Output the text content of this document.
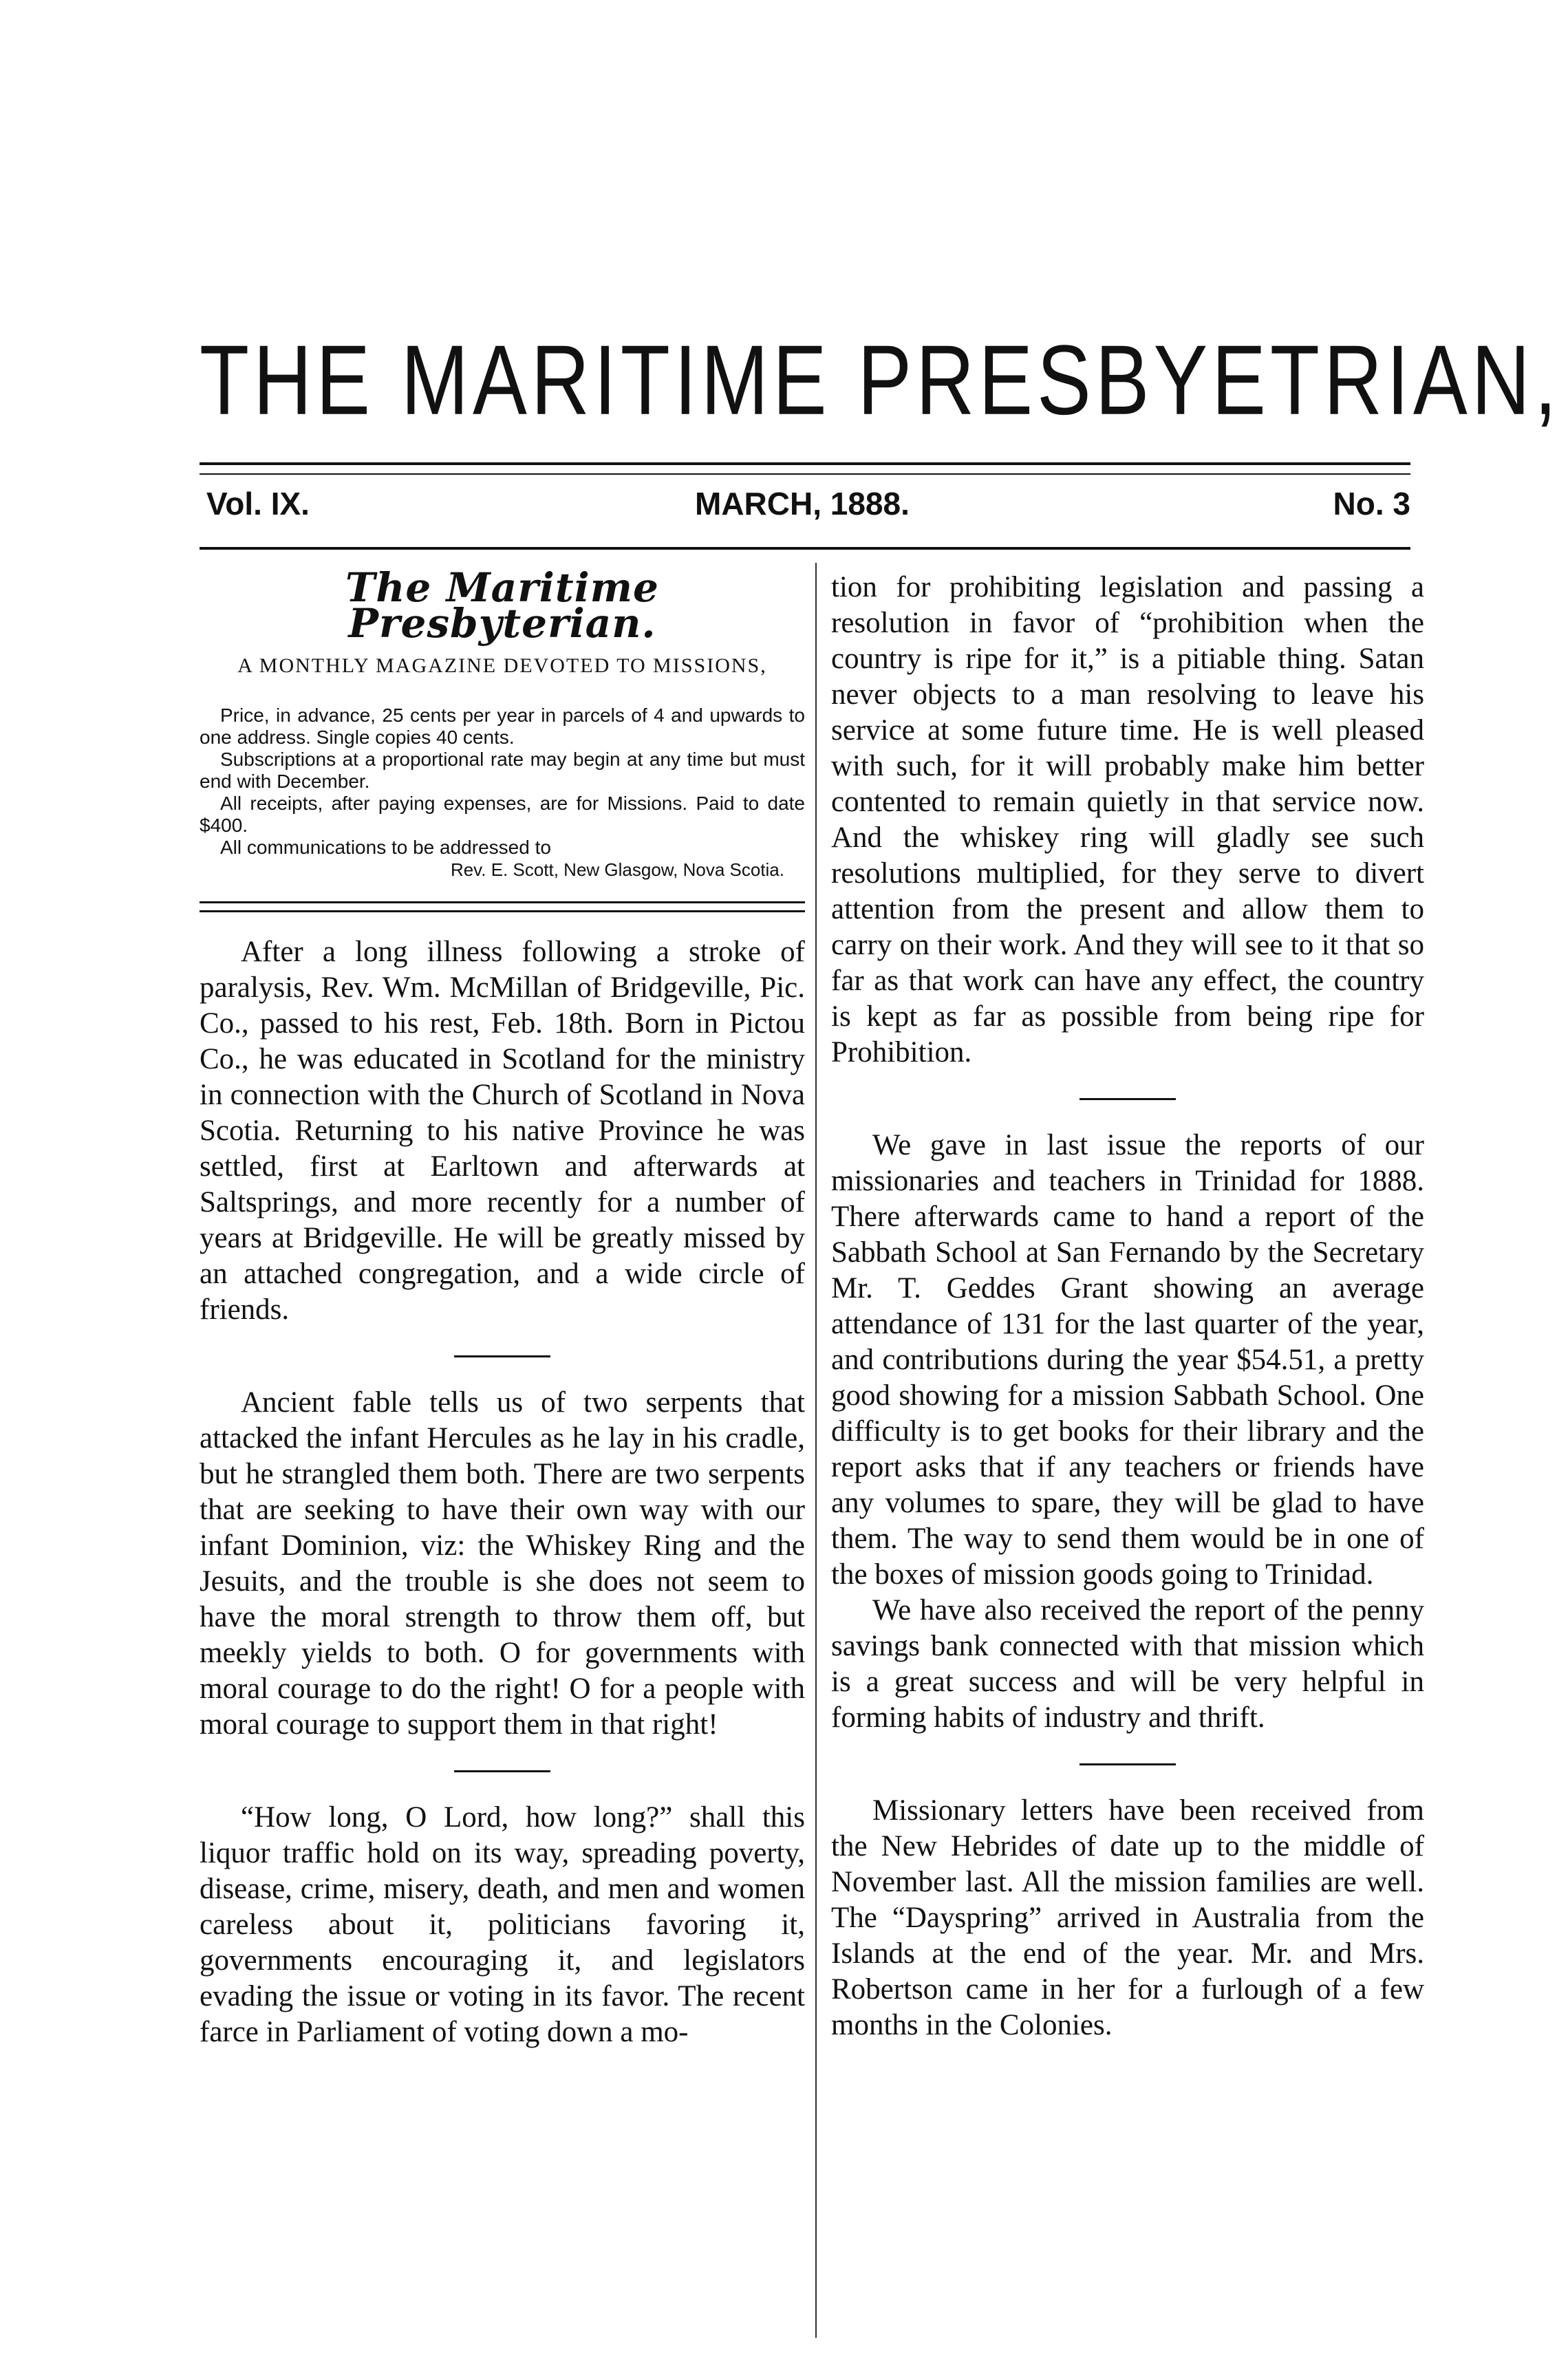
THE MARITIME PRESBYETRIAN,
Vol. IX.	MARCH, 1888.	No. 3
The Maritime Presbyterian.
A MONTHLY MAGAZINE DEVOTED TO MISSIONS,

Price, in advance, 25 cents per year in parcels of 4 and upwards to one address. Single copies 40 cents.

Subscriptions at a proportional rate may begin at any time but must end with December.

All receipts, after paying expenses, are for Missions. Paid to date $400.

All communications to be addressed to

Rev. E. Scott, New Glasgow, Nova Scotia.

After a long illness following a stroke of paralysis, Rev. Wm. McMillan of Bridgeville, Pic. Co., passed to his rest, Feb. 18th. Born in Pictou Co., he was educated in Scotland for the ministry in connection with the Church of Scotland in Nova Scotia. Returning to his native Province he was settled, first at Earltown and afterwards at Saltsprings, and more recently for a number of years at Bridgeville. He will be greatly missed by an attached congregation, and a wide circle of friends.

Ancient fable tells us of two serpents that attacked the infant Hercules as he lay in his cradle, but he strangled them both. There are two serpents that are seeking to have their own way with our infant Dominion, viz: the Whiskey Ring and the Jesuits, and the trouble is she does not seem to have the moral strength to throw them off, but meekly yields to both. O for governments with moral courage to do the right! O for a people with moral courage to support them in that right!

“How long, O Lord, how long?” shall this liquor traffic hold on its way, spreading poverty, disease, crime, misery, death, and men and women careless about it, politicians favoring it, governments encouraging it, and legislators evading the issue or voting in its favor. The recent farce in Parliament of voting down a mo-

tion for prohibiting legislation and passing a resolution in favor of “prohibition when the country is ripe for it,” is a pitiable thing. Satan never objects to a man resolving to leave his service at some future time. He is well pleased with such, for it will probably make him better contented to remain quietly in that service now. And the whiskey ring will gladly see such resolutions multiplied, for they serve to divert attention from the present and allow them to carry on their work. And they will see to it that so far as that work can have any effect, the country is kept as far as possible from being ripe for Prohibition.

We gave in last issue the reports of our missionaries and teachers in Trinidad for 1888. There afterwards came to hand a report of the Sabbath School at San Fernando by the Secretary Mr. T. Geddes Grant showing an average attendance of 131 for the last quarter of the year, and contributions during the year $54.51, a pretty good showing for a mission Sabbath School. One difficulty is to get books for their library and the report asks that if any teachers or friends have any volumes to spare, they will be glad to have them. The way to send them would be in one of the boxes of mission goods going to Trinidad.

We have also received the report of the penny savings bank connected with that mission which is a great success and will be very helpful in forming habits of industry and thrift.

Missionary letters have been received from the New Hebrides of date up to the middle of November last. All the mission families are well. The “Dayspring” arrived in Australia from the Islands at the end of the year. Mr. and Mrs. Robertson came in her for a furlough of a few months in the Colonies.
